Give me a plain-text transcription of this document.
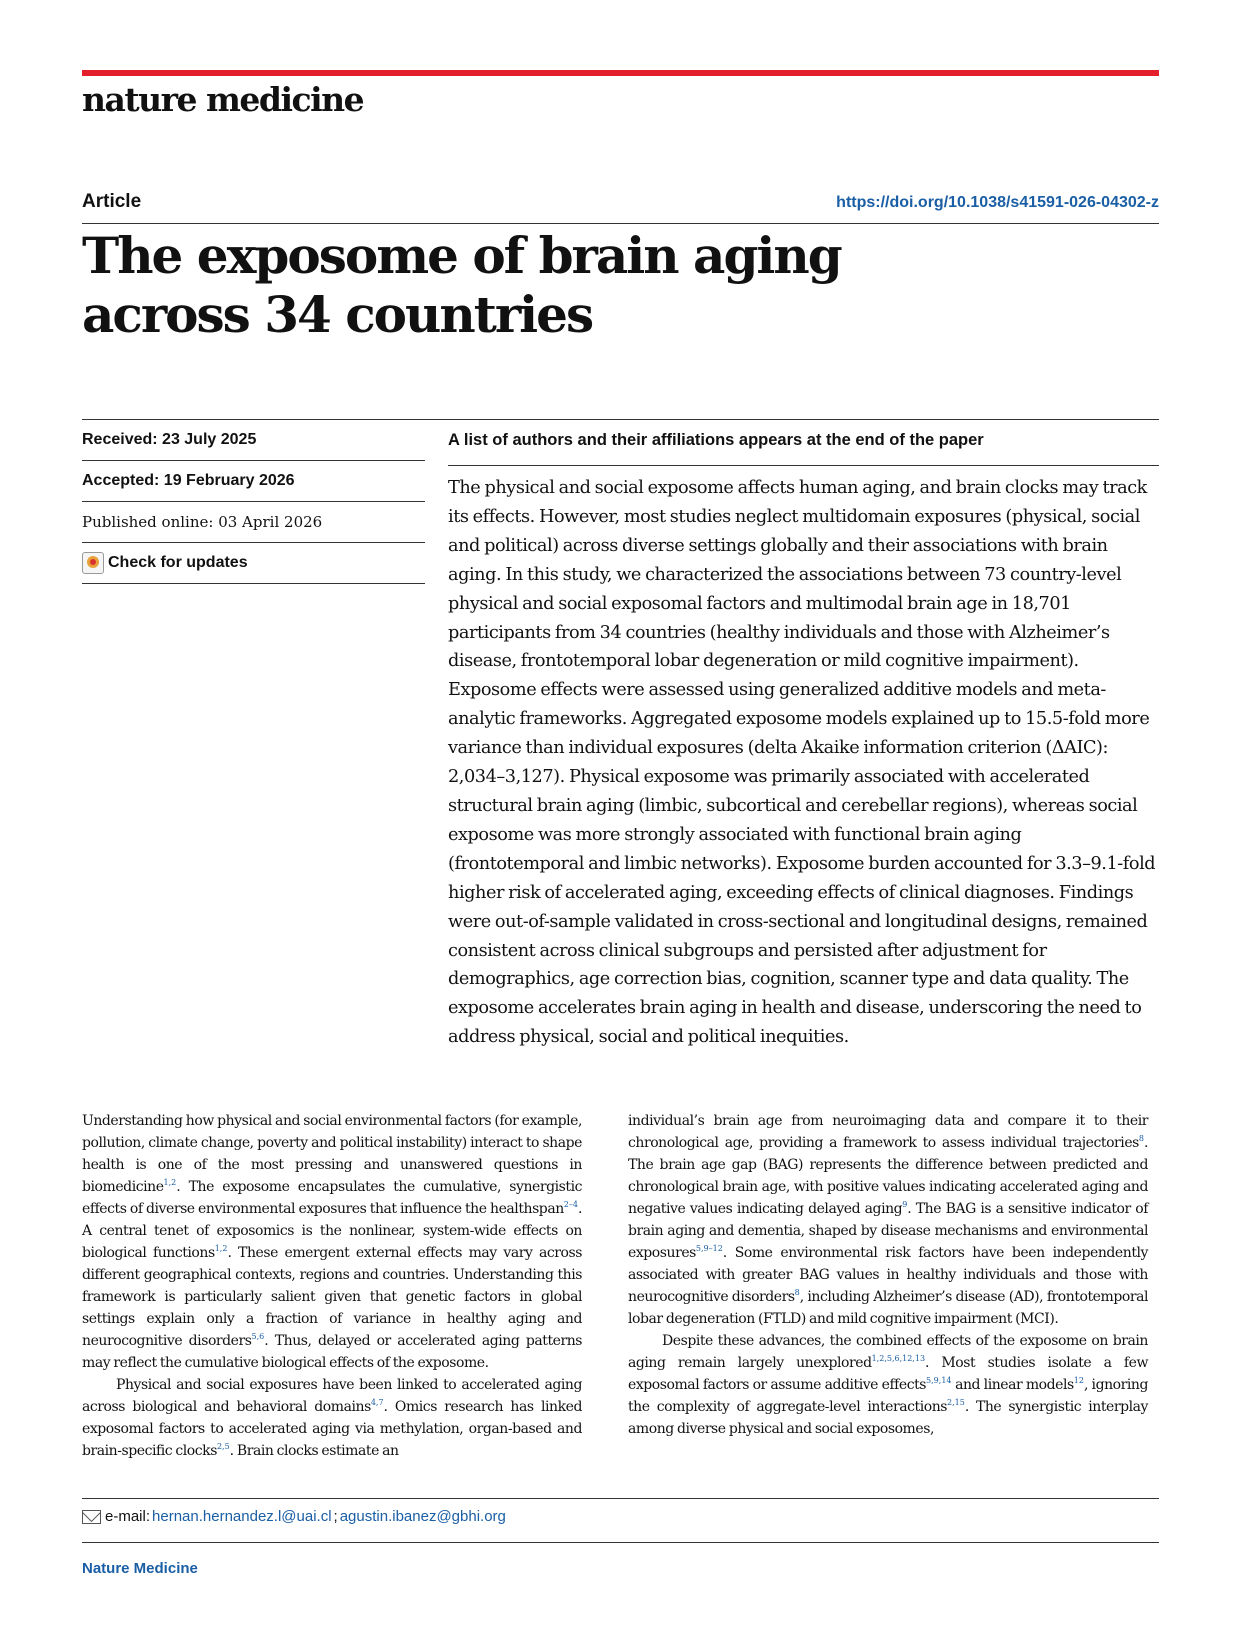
nature medicine
Article	https://doi.org/10.1038/s41591-026-04302-z
The exposome of brain aging across 34 countries
Received: 23 July 2025
Accepted: 19 February 2026
Published online: 03 April 2026
Check for updates
A list of authors and their affiliations appears at the end of the paper

The physical and social exposome affects human aging, and brain clocks may track its effects. However, most studies neglect multidomain exposures (physical, social and political) across diverse settings globally and their associations with brain aging. In this study, we characterized the associations between 73 country-level physical and social exposomal factors and multimodal brain age in 18,701 participants from 34 countries (healthy individuals and those with Alzheimer’s disease, frontotemporal lobar degeneration or mild cognitive impairment). Exposome effects were assessed using generalized additive models and meta-analytic frameworks. Aggregated exposome models explained up to 15.5-fold more variance than individual exposures (delta Akaike information criterion (ΔAIC): 2,034–3,127). Physical exposome was primarily associated with accelerated structural brain aging (limbic, subcortical and cerebellar regions), whereas social exposome was more strongly associated with functional brain aging (frontotemporal and limbic networks). Exposome burden accounted for 3.3–9.1-fold higher risk of accelerated aging, exceeding effects of clinical diagnoses. Findings were out-of-sample validated in cross-sectional and longitudinal designs, remained consistent across clinical subgroups and persisted after adjustment for demographics, age correction bias, cognition, scanner type and data quality. The exposome accelerates brain aging in health and disease, underscoring the need to address physical, social and political inequities.

Understanding how physical and social environmental factors (for example, pollution, climate change, poverty and political instability) interact to shape health is one of the most pressing and unanswered questions in biomedicine$^{1,2}$. The exposome encapsulates the cumulative, synergistic effects of diverse environmental exposures that influence the healthspan$^{2-4}$. A central tenet of exposomics is the nonlinear, system-wide effects on biological functions$^{1,2}$. These emergent external effects may vary across different geographical contexts, regions and countries. Understanding this framework is particularly salient given that genetic factors in global settings explain only a fraction of variance in healthy aging and neurocognitive disorders$^{5,6}$. Thus, delayed or accelerated aging patterns may reflect the cumulative biological effects of the exposome.

Physical and social exposures have been linked to accelerated aging across biological and behavioral domains$^{4,7}$. Omics research has linked exposomal factors to accelerated aging via methylation, organ-based and brain-specific clocks$^{2,5}$. Brain clocks estimate an

individual’s brain age from neuroimaging data and compare it to their chronological age, providing a framework to assess individual trajectories$^8$. The brain age gap (BAG) represents the difference between predicted and chronological brain age, with positive values indicating accelerated aging and negative values indicating delayed aging$^9$. The BAG is a sensitive indicator of brain aging and dementia, shaped by disease mechanisms and environmental exposures$^{5,9-12}$. Some environmental risk factors have been independently associated with greater BAG values in healthy individuals and those with neurocognitive disorders$^8$, including Alzheimer’s disease (AD), frontotemporal lobar degeneration (FTLD) and mild cognitive impairment (MCI).

Despite these advances, the combined effects of the exposome on brain aging remain largely unexplored$^{1,2,5,6,12,13}$. Most studies isolate a few exposomal factors or assume additive effects$^{5,9,14}$ and linear models$^{12}$, ignoring the complexity of aggregate-level interactions$^{2,15}$. The synergistic interplay among diverse physical and social exposomes,

e-mail: hernan.hernandez.l@uai.cl ; agustin.ibanez@gbhi.org
Nature Medicine
